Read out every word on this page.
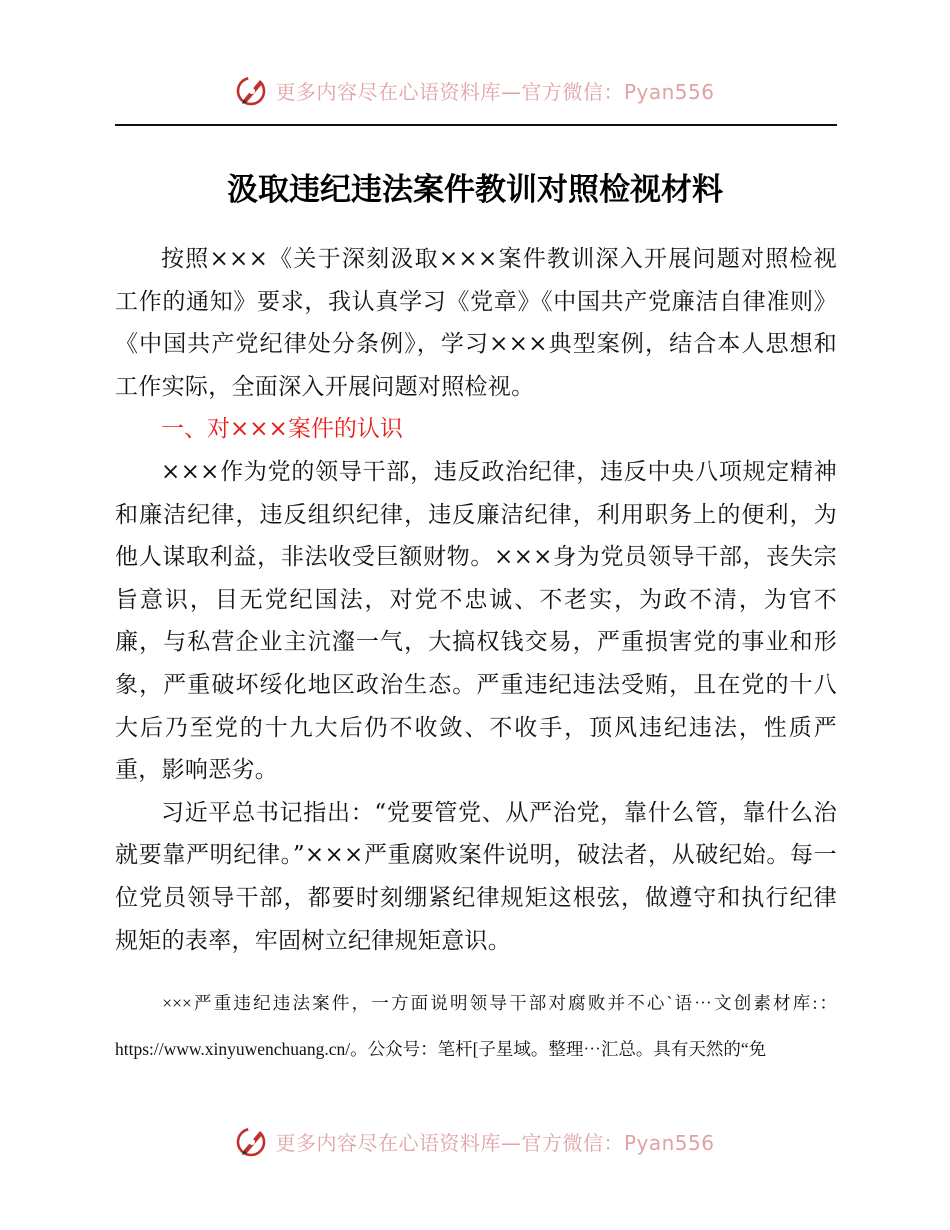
更多内容尽在心语资料库—官方微信：Pyan556
汲取违纪违法案件教训对照检视材料

按照×××《关于深刻汲取×××案件教训深入开展问题对照检视工作的通知》要求，我认真学习《党章》《中国共产党廉洁自律准则》《中国共产党纪律处分条例》，学习×××典型案例，结合本人思想和工作实际，全面深入开展问题对照检视。

一、对×××案件的认识

×××作为党的领导干部，违反政治纪律，违反中央八项规定精神和廉洁纪律，违反组织纪律，违反廉洁纪律，利用职务上的便利，为他人谋取利益，非法收受巨额财物。×××身为党员领导干部，丧失宗旨意识，目无党纪国法，对党不忠诚、不老实，为政不清，为官不廉，与私营企业主沆瀣一气，大搞权钱交易，严重损害党的事业和形象，严重破坏绥化地区政治生态。严重违纪违法受贿，且在党的十八大后乃至党的十九大后仍不收敛、不收手，顶风违纪违法，性质严重，影响恶劣。

习近平总书记指出：“党要管党、从严治党，靠什么管，靠什么治就要靠严明纪律。”×××严重腐败案件说明，破法者，从破纪始。每一位党员领导干部，都要时刻绷紧纪律规矩这根弦，做遵守和执行纪律规矩的表率，牢固树立纪律规矩意识。

×××严重违纪违法案件，一方面说明领导干部对腐败并不心`语⋯文创素材库:：https://www.xinyuwenchuang.cn/。公众号：笔杆[子星域。整理⋯汇总。具有天然的“免

更多内容尽在心语资料库—官方微信：Pyan556
